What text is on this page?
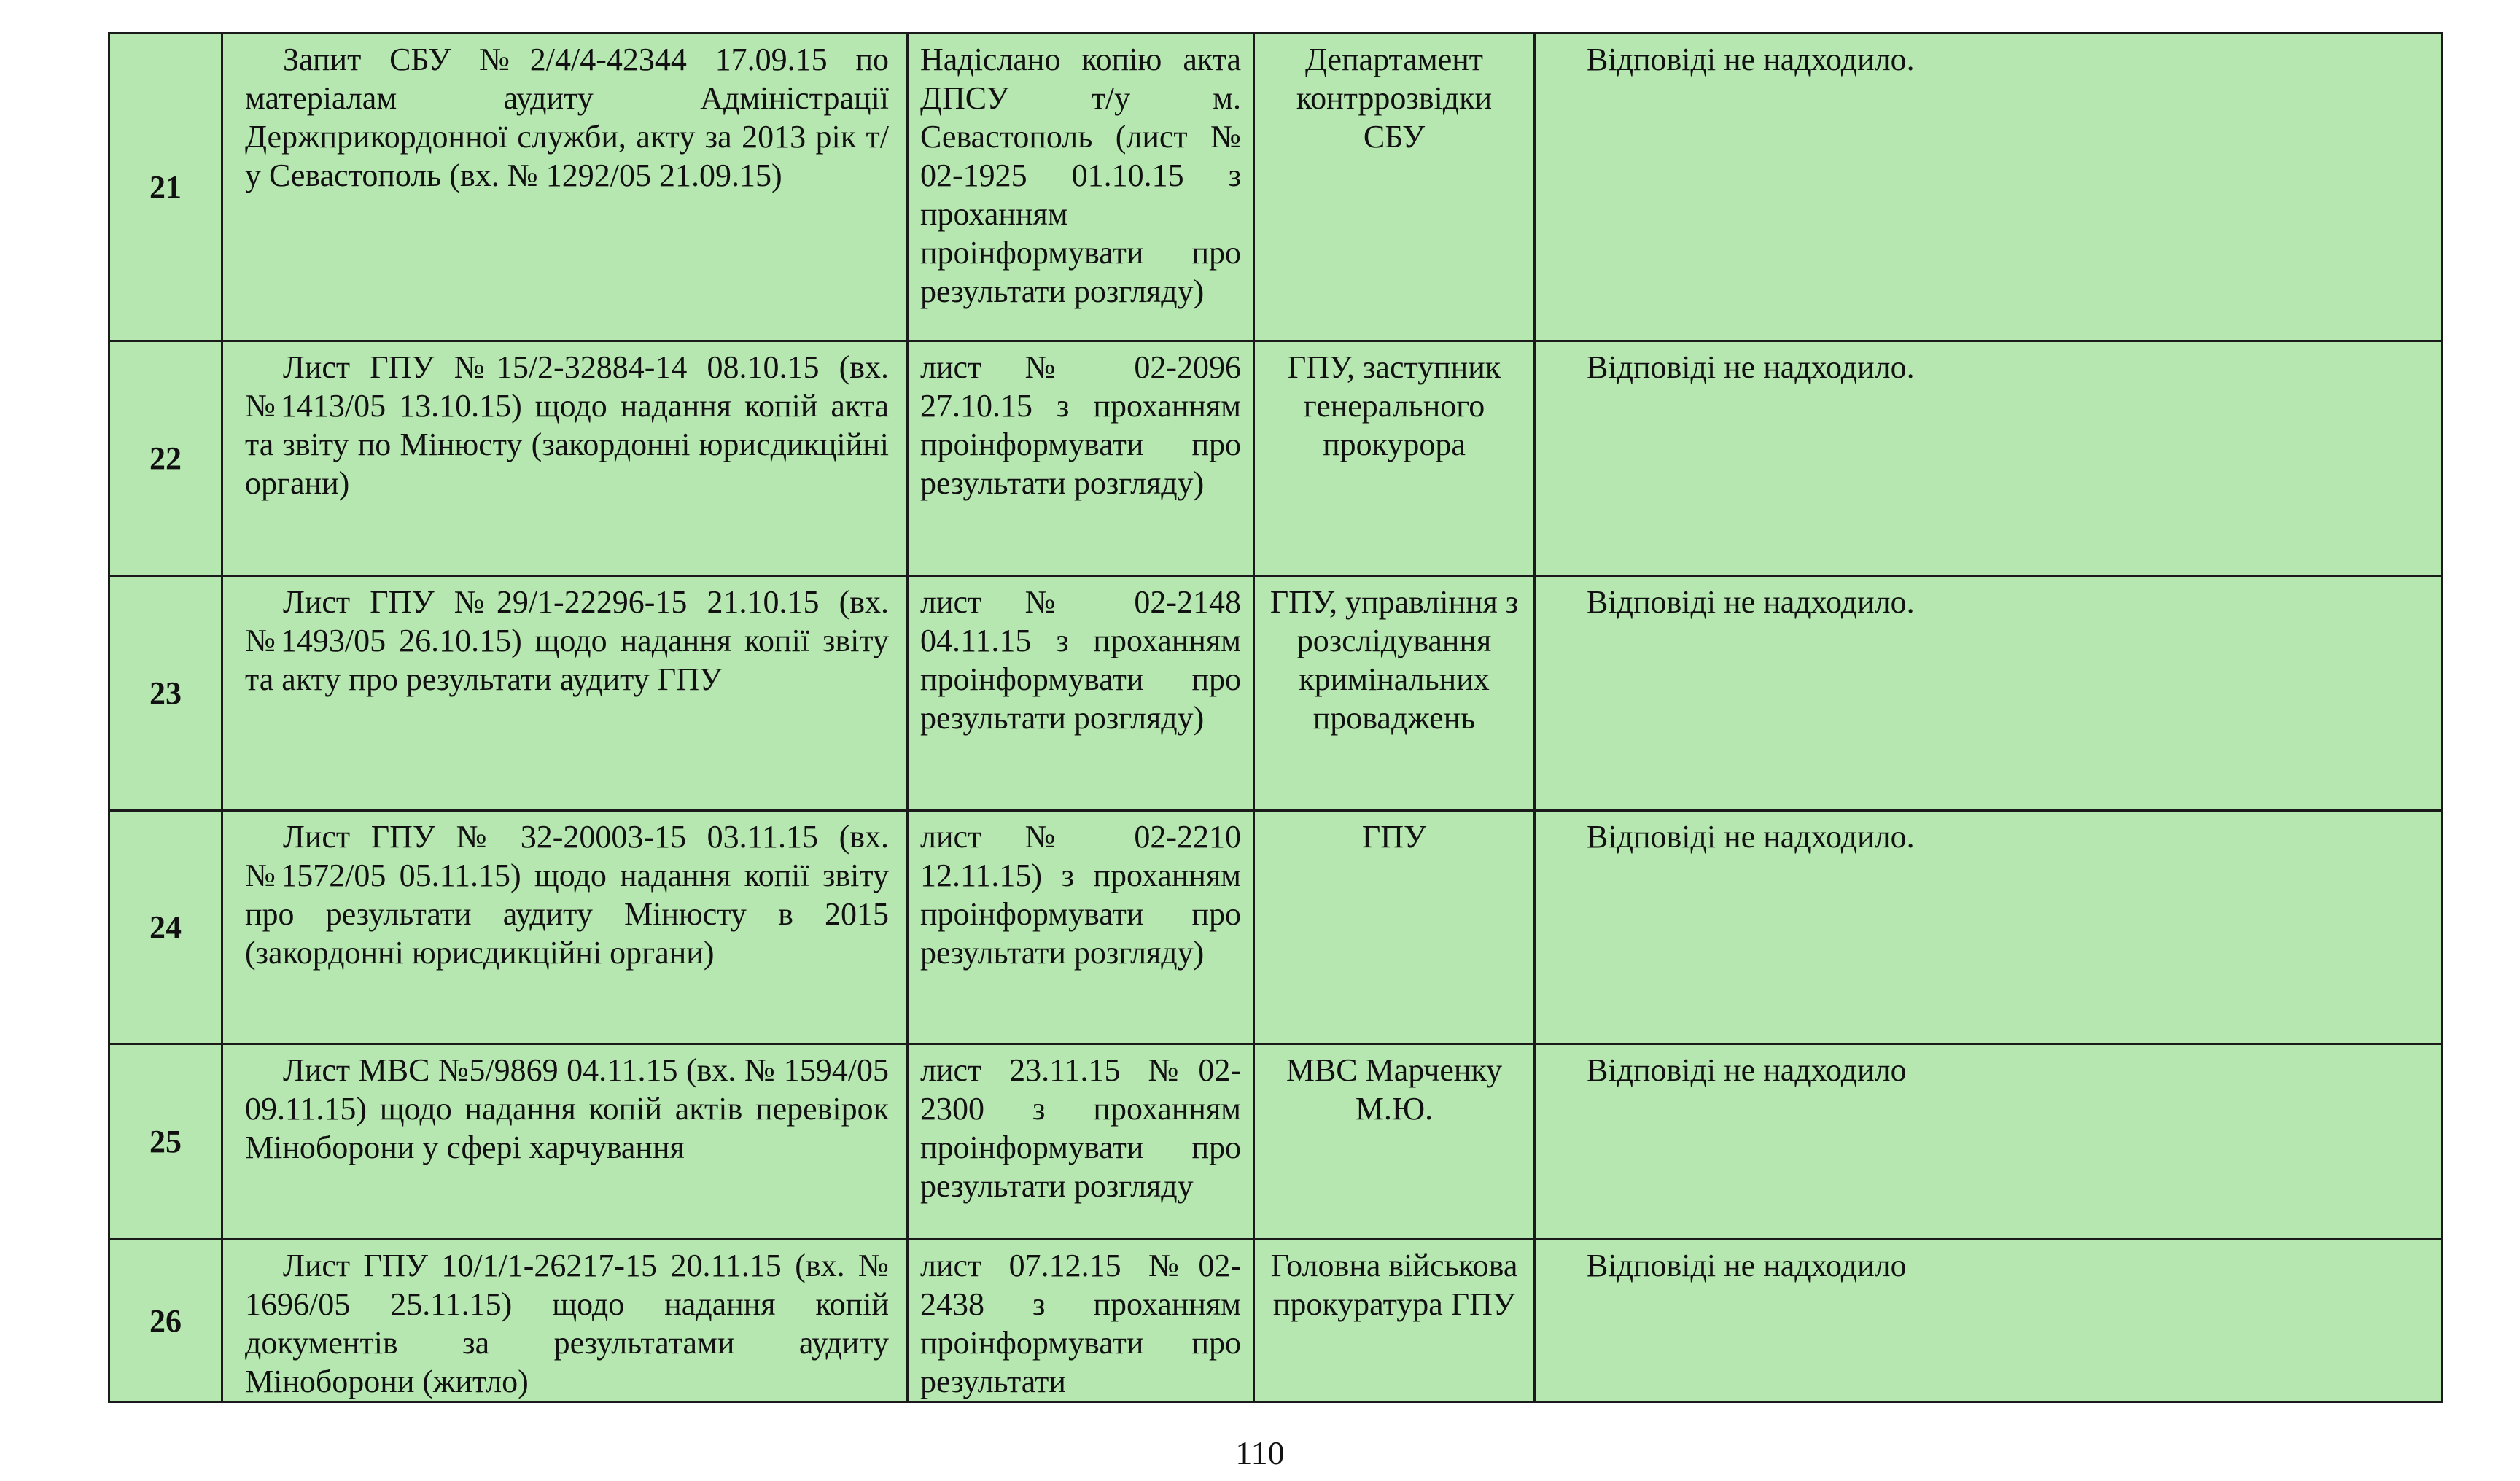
21	Запит СБУ №2/4/4-42344 17.09.15 по матеріалам аудиту Адміністрації Держприкордонної служби, акту за 2013 рік т/у Севастополь (вх. № 1292/05 21.09.15)	Надіслано копію акта ДПСУ т/у м. Севастополь (лист № 02-1925 01.10.15 з проханням проінформувати про результати розгляду)	Департамент контррозвідки СБУ	Відповіді не надходило.
22	Лист ГПУ №15/2-32884-14 08.10.15 (вх. №1413/05 13.10.15) щодо надання копій акта та звіту по Мінюсту (закордонні юрисдикційні органи)	лист № 02-2096 27.10.15 з проханням проінформувати про результати розгляду)	ГПУ, заступник генерального прокурора	Відповіді не надходило.
23	Лист ГПУ №29/1-22296-15 21.10.15 (вх. №1493/05 26.10.15) щодо надання копії звіту та акту про результати аудиту ГПУ	лист № 02-2148 04.11.15 з проханням проінформувати про результати розгляду)	ГПУ, управління з розслідування кримінальних проваджень	Відповіді не надходило.
24	Лист ГПУ № 32-20003-15 03.11.15 (вх. №1572/05 05.11.15) щодо надання копії звіту про результати аудиту Мінюсту в 2015 (закордонні юрисдикційні органи)	лист № 02-2210 12.11.15) з проханням проінформувати про результати розгляду)	ГПУ	Відповіді не надходило.
25	Лист МВС №5/9869 04.11.15 (вх. № 1594/05 09.11.15) щодо надання копій актів перевірок Міноборони у сфері харчування	лист 23.11.15 №02-2300 з проханням проінформувати про результати розгляду	МВС Марченку М.Ю.	Відповіді не надходило
26	Лист ГПУ 10/1/1-26217-15 20.11.15 (вх. № 1696/05 25.11.15) щодо надання копій документів за результатами аудиту Міноборони (житло)	лист 07.12.15 №02-2438 з проханням проінформувати про результати	Головна військова прокуратура ГПУ	Відповіді не надходило
110
